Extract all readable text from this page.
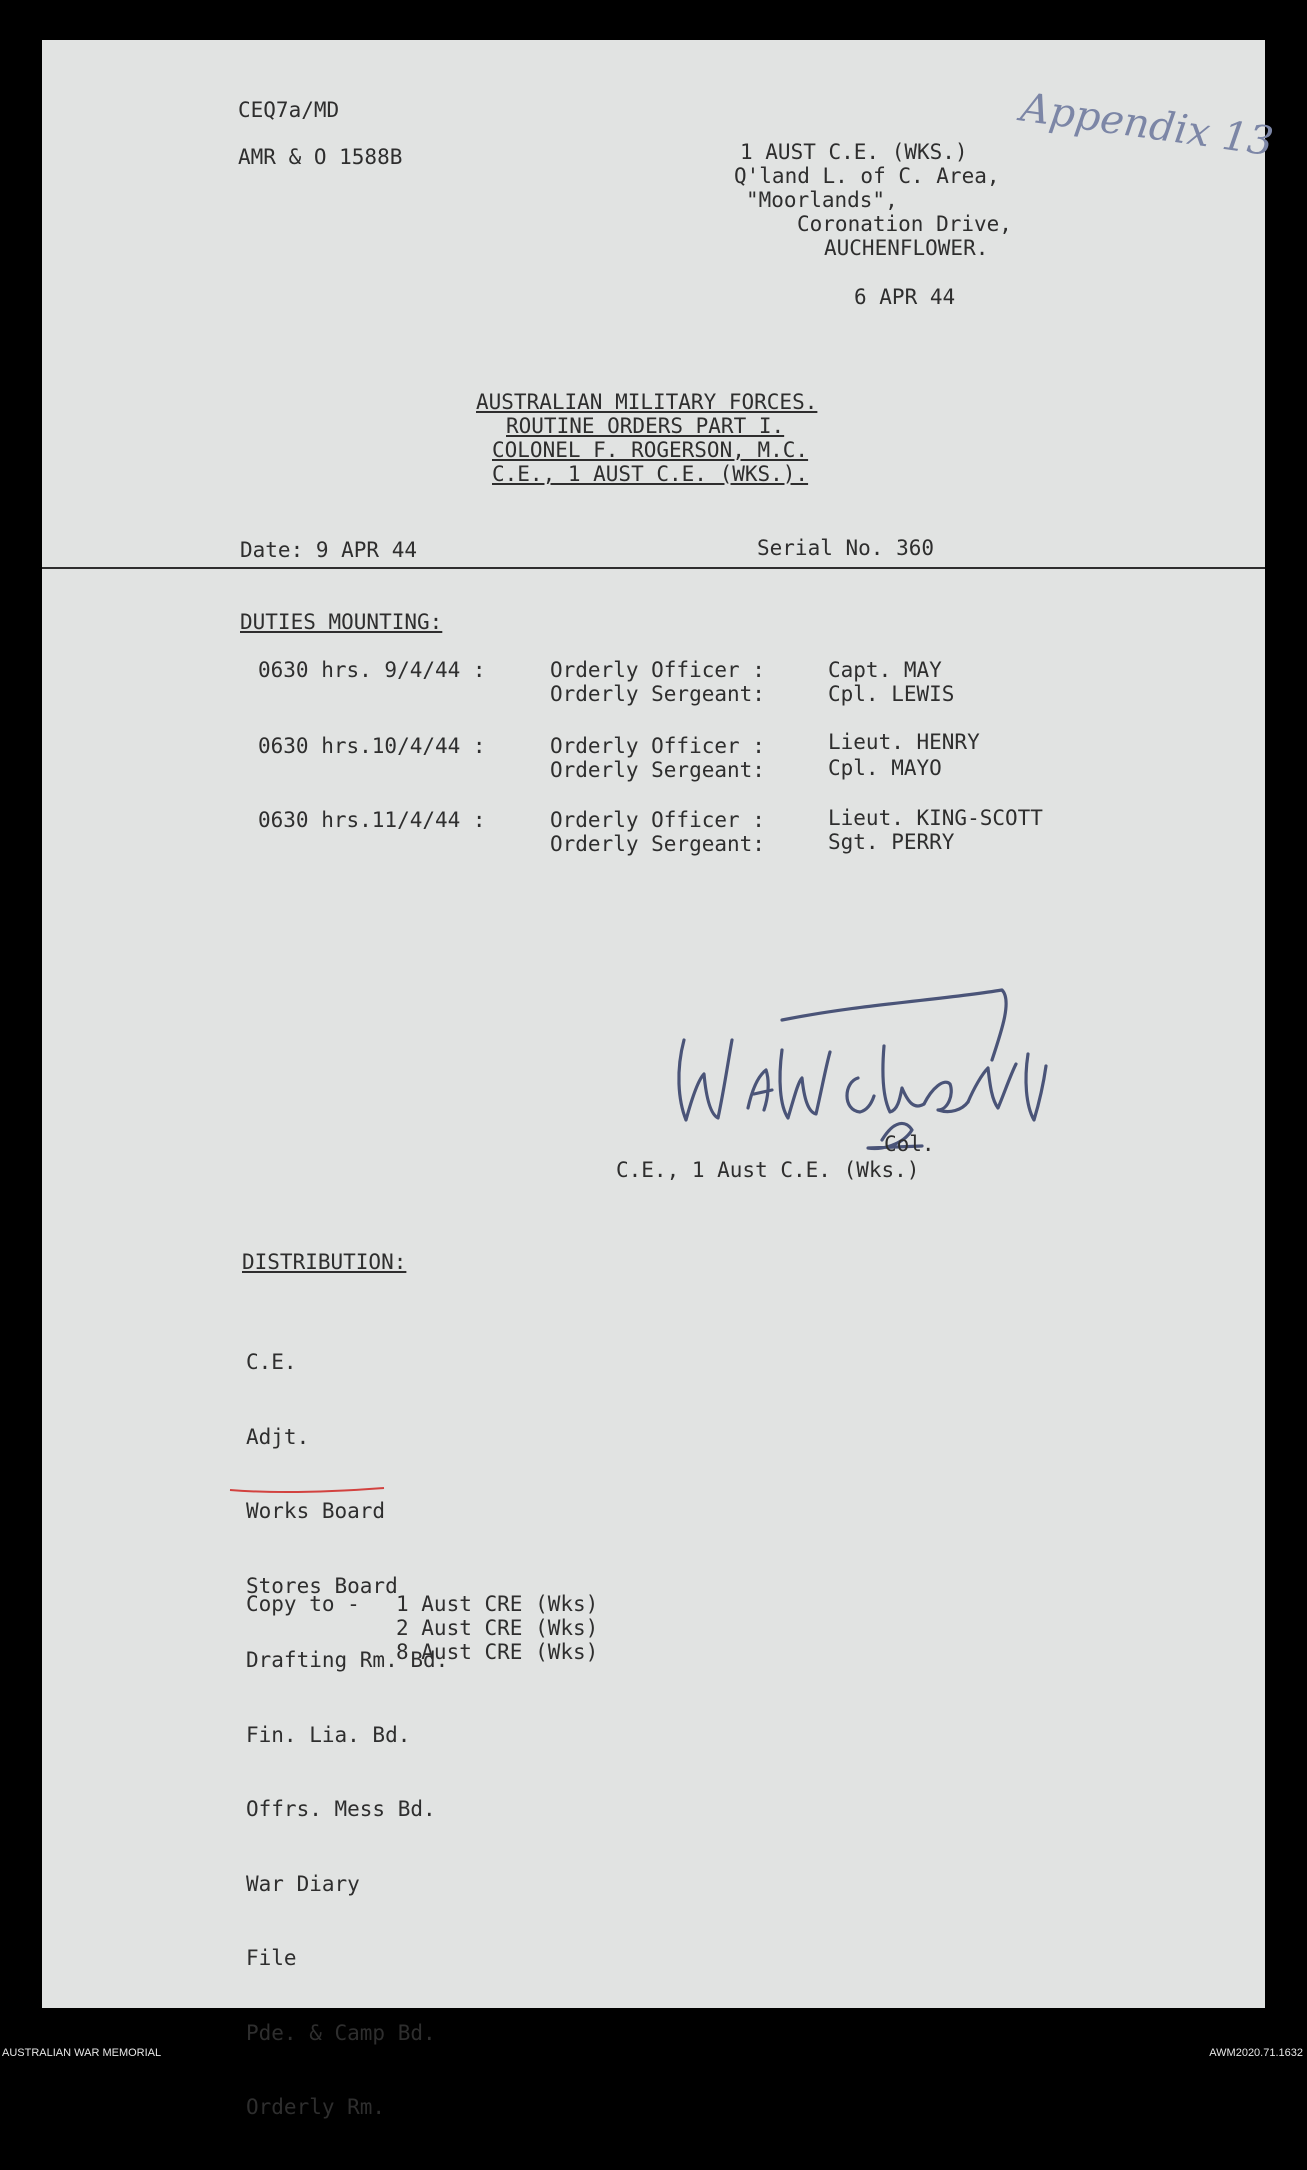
CEQ7a/MD
AMR & O 1588B	Appendix 13
1 AUST C.E. (WKS.)
Q'land L. of C. Area,
"Moorlands",
Coronation Drive,
AUCHENFLOWER.
6 APR 44
AUSTRALIAN MILITARY FORCES.
ROUTINE ORDERS PART I.
COLONEL F. ROGERSON, M.C.
C.E., 1 AUST C.E. (WKS.).
Date: 9 APR 44	Serial No. 360
DUTIES MOUNTING:
0630 hrs. 9/4/44 :	Orderly Officer :	Capt. MAY
Orderly Sergeant:	Cpl. LEWIS
0630 hrs.10/4/44 :	Orderly Officer :	Lieut. HENRY
Orderly Sergeant:	Cpl. MAYO
0630 hrs.11/4/44 :	Orderly Officer :	Lieut. KING-SCOTT
Orderly Sergeant:	Sgt. PERRY
Col.
C.E., 1 Aust C.E. (Wks.)
DISTRIBUTION:

C.E.

Adjt.

Works Board

Stores Board

Drafting Rm. Bd.

Fin. Lia. Bd.

Offrs. Mess Bd.

War Diary

File

Pde. & Camp Bd.

Orderly Rm.

Copy to - 1 Aust CRE (Wks)
2 Aust CRE (Wks)
8 Aust CRE (Wks)
AUSTRALIAN WAR MEMORIAL	AWM2020.71.1632
